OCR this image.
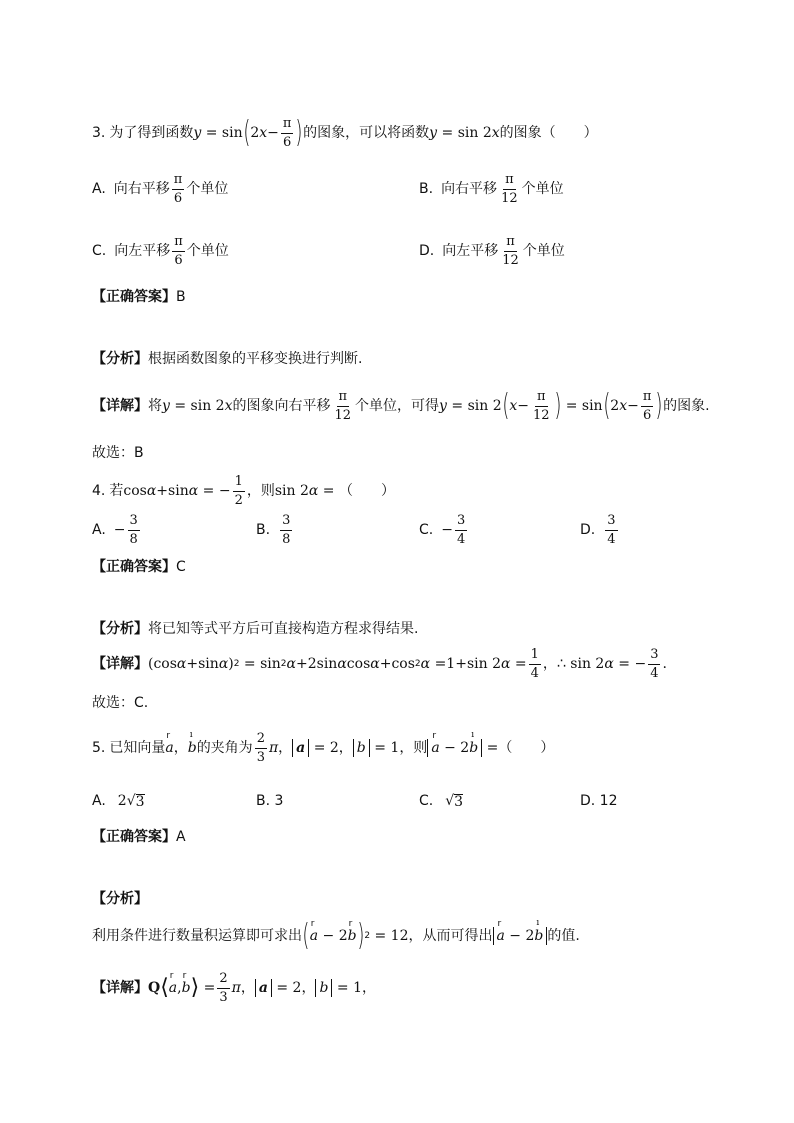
3. 为了得到函数 y
= sin ( 2 $x - \frac{\pi}{6}$ ) 的图象，可以将函数 y
= sin 2 x 的图象（　　）
A. 向右平移 $\frac{\pi}{6}$ 个单位	B. 向右平移 $\frac{\pi}{12}$ 个单位
C. 向左平移 $\frac{\pi}{6}$ 个单位	D. 向左平移 $\frac{\pi}{12}$ 个单位
【正确答案】 B
【分析】 根据函数图象的平移变换进行判断.
【详解】 将 y
= sin 2 x 的图象向右平移 $\frac{\pi}{12}$ 个单位，可得 y
= sin 2 ( $x - \frac{\pi}{12}$ ) = sin ( 2 $x - \frac{\pi}{6}$ ) 的图象.
故选：B
4. 若 cos α +sin α = − $\frac{1}{2}$ ，则 sin 2 α = （　　）
A. − $\frac{3}{8}$	B. $\frac{3}{8}$	C. − $\frac{3}{4}$	D. $\frac{3}{4}$
【正确答案】 C
【分析】 将已知等式平方后可直接构造方程求得结果.
【详解】 (cos α +sin α ) 2 = sin 2 α +2sin α cos α +cos 2 α =1+sin 2 $\alpha = \frac{1}{4}$ ， ∴ sin 2 α = − $\frac{3}{4}$ .
故选：C.
5. 已知向量 r a ， ı b 的夹角为 $\frac{2}{3}$ π ， a = 2 ， b = 1 ，则 r a − 2ı b = （　　）
A. 2 √ 3	B. 3	C. √ 3	D. 12
【正确答案】 A
【分析】
利用条件进行数量积运算即可求出 ( r a − 2 r b ) 2 = 12 ，从而可得出 r a − 2ı b 的值.
【详解】 Q ⟨ r a , r b ⟩ = $\frac{2}{3}$ π ， a = 2， b = 1，
